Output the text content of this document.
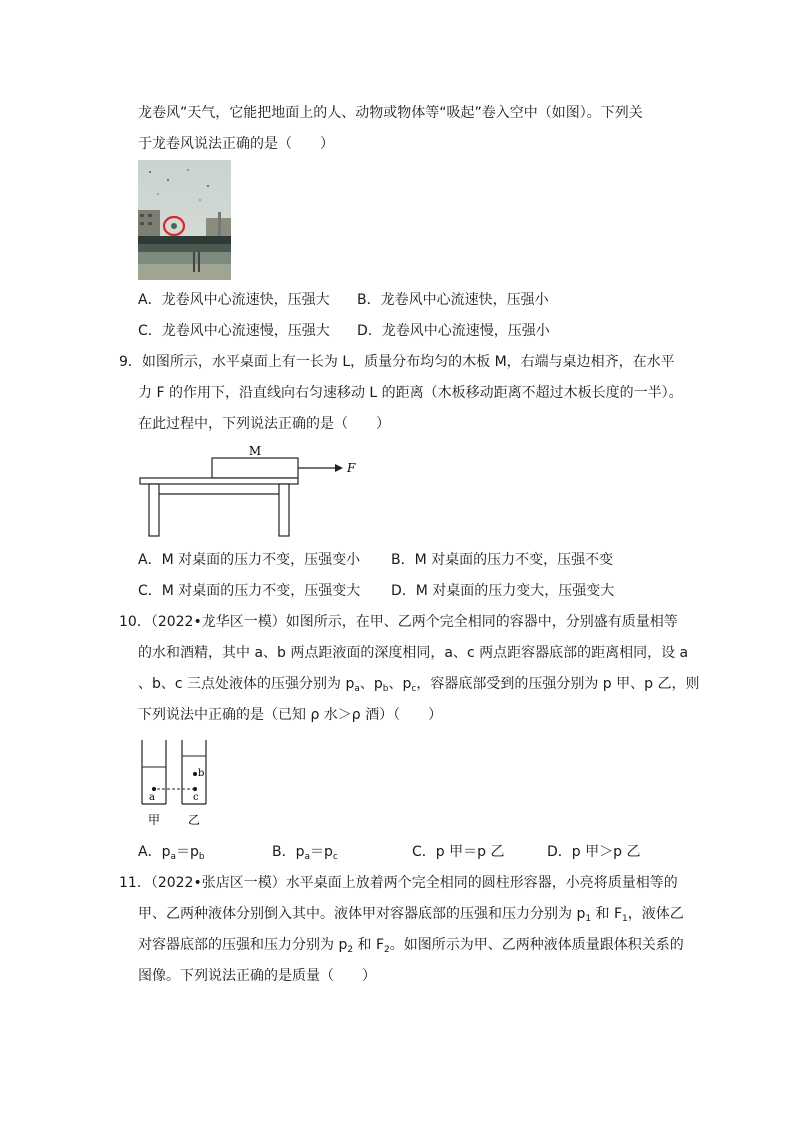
龙卷风”天气，它能把地面上的人、动物或物体等“吸起”卷入空中（如图）。下列关
于龙卷风说法正确的是（　　）
A．龙卷风中心流速快，压强大 B．龙卷风中心流速快，压强小
C．龙卷风中心流速慢，压强大 D．龙卷风中心流速慢，压强小
9．如图所示，水平桌面上有一长为 L，质量分布均匀的木板 M，右端与桌边相齐，在水平
力 F 的作用下，沿直线向右匀速移动 L 的距离（木板移动距离不超过木板长度的一半）。
在此过程中，下列说法正确的是（　　）
M
F
A．M 对桌面的压力不变，压强变小 B．M 对桌面的压力不变，压强不变
C．M 对桌面的压力不变，压强变大 D．M 对桌面的压力变大，压强变大
10．（2022•龙华区一模）如图所示，在甲、乙两个完全相同的容器中，分别盛有质量相等
的水和酒精，其中 a、b 两点距液面的深度相同，a、c 两点距容器底部的距离相同，设 a
、b、c 三点处液体的压强分别为 $p_a$、$p_b$、$p_c$，容器底部受到的压强分别为 p 甲、p 乙，则
下列说法中正确的是（已知 ρ 水＞ρ 酒）（　　）
a	c
b
甲 乙
A．$p_a=p_b$	B．$p_a=p_c$	C．p 甲＝p 乙	D．p 甲＞p 乙
11．（2022•张店区一模）水平桌面上放着两个完全相同的圆柱形容器，小亮将质量相等的
甲、乙两种液体分别倒入其中。液体甲对容器底部的压强和压力分别为 $p_1$ 和 $F_1$，液体乙
对容器底部的压强和压力分别为 $p_2$ 和 $F_2$。如图所示为甲、乙两种液体质量跟体积关系的
图像。下列说法正确的是质量（　　）
